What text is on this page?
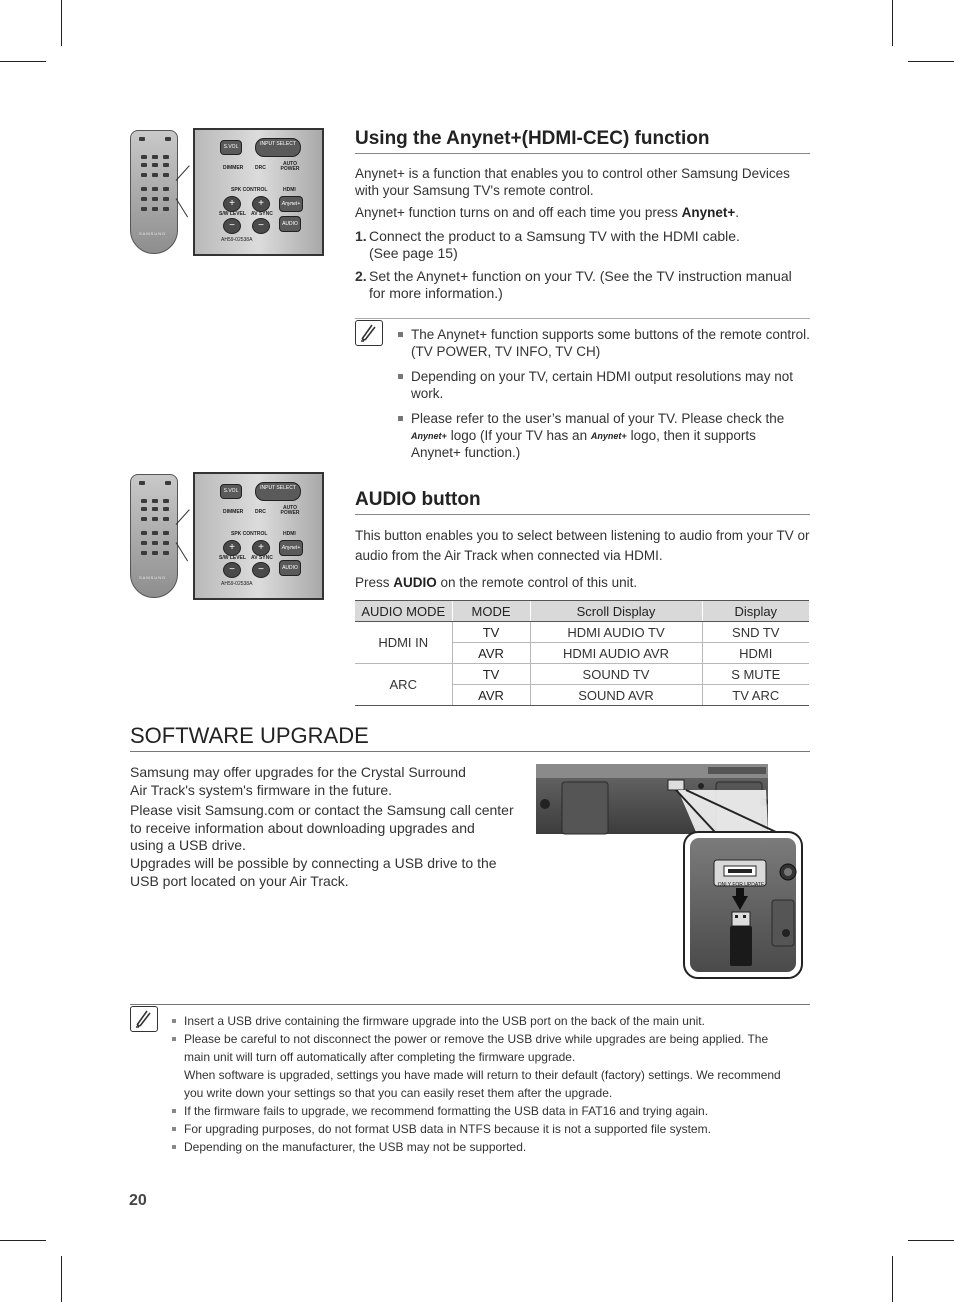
SAMSUNG
S.VOL	INPUT SELECT
DIMMER DRC
AUTO POWER
SPK CONTROL	HDMI
+	+	Anynet+
S/W LEVEL AV SYNC
−	−	AUDIO
AH59-02538A
Using the Anynet+(HDMI-CEC) function
Anynet+ is a function that enables you to control other Samsung Devices with your Samsung TV's remote control.
Anynet+ function turns on and off each time you press Anynet+.
1. Connect the product to a Samsung TV with the HDMI cable.
(See page 15)
2. Set the Anynet+ function on your TV. (See the TV instruction manual
for more information.)
The Anynet+ function supports some buttons of the remote control.
(TV POWER, TV INFO, TV CH)
Depending on your TV, certain HDMI output resolutions may not
work.
Please refer to the user’s manual of your TV. Please check the
Anynet+ logo (If your TV has an Anynet+ logo, then it supports
Anynet+ function.)
SAMSUNG
S.VOL	INPUT SELECT
DIMMER DRC
AUTO POWER
SPK CONTROL	HDMI
+	+	Anynet+
S/W LEVEL AV SYNC
−	−	AUDIO
AH59-02538A
AUDIO button
This button enables you to select between listening to audio from your TV or audio from the Air Track when connected via HDMI.
Press AUDIO on the remote control of this unit.
AUDIO MODE	MODE	Scroll Display	Display
HDMI IN	TV	HDMI AUDIO TV	SND TV
	AVR	HDMI AUDIO AVR	HDMI
ARC	TV	SOUND TV	S MUTE
	AVR	SOUND AVR	TV ARC
SOFTWARE UPGRADE
Samsung may offer upgrades for the Crystal Surround
Air Track's system's firmware in the future.
Please visit Samsung.com or contact the Samsung call center
to receive information about downloading upgrades and
using a USB drive.
Upgrades will be possible by connecting a USB drive to the
USB port located on your Air Track.	ONLY FOR UPDATE
Insert a USB drive containing the firmware upgrade into the USB port on the back of the main unit.
Please be careful to not disconnect the power or remove the USB drive while upgrades are being applied. The
main unit will turn off automatically after completing the firmware upgrade.
When software is upgraded, settings you have made will return to their default (factory) settings. We recommend
you write down your settings so that you can easily reset them after the upgrade.
If the firmware fails to upgrade, we recommend formatting the USB data in FAT16 and trying again.
For upgrading purposes, do not format USB data in NTFS because it is not a supported file system.
Depending on the manufacturer, the USB may not be supported.
20
